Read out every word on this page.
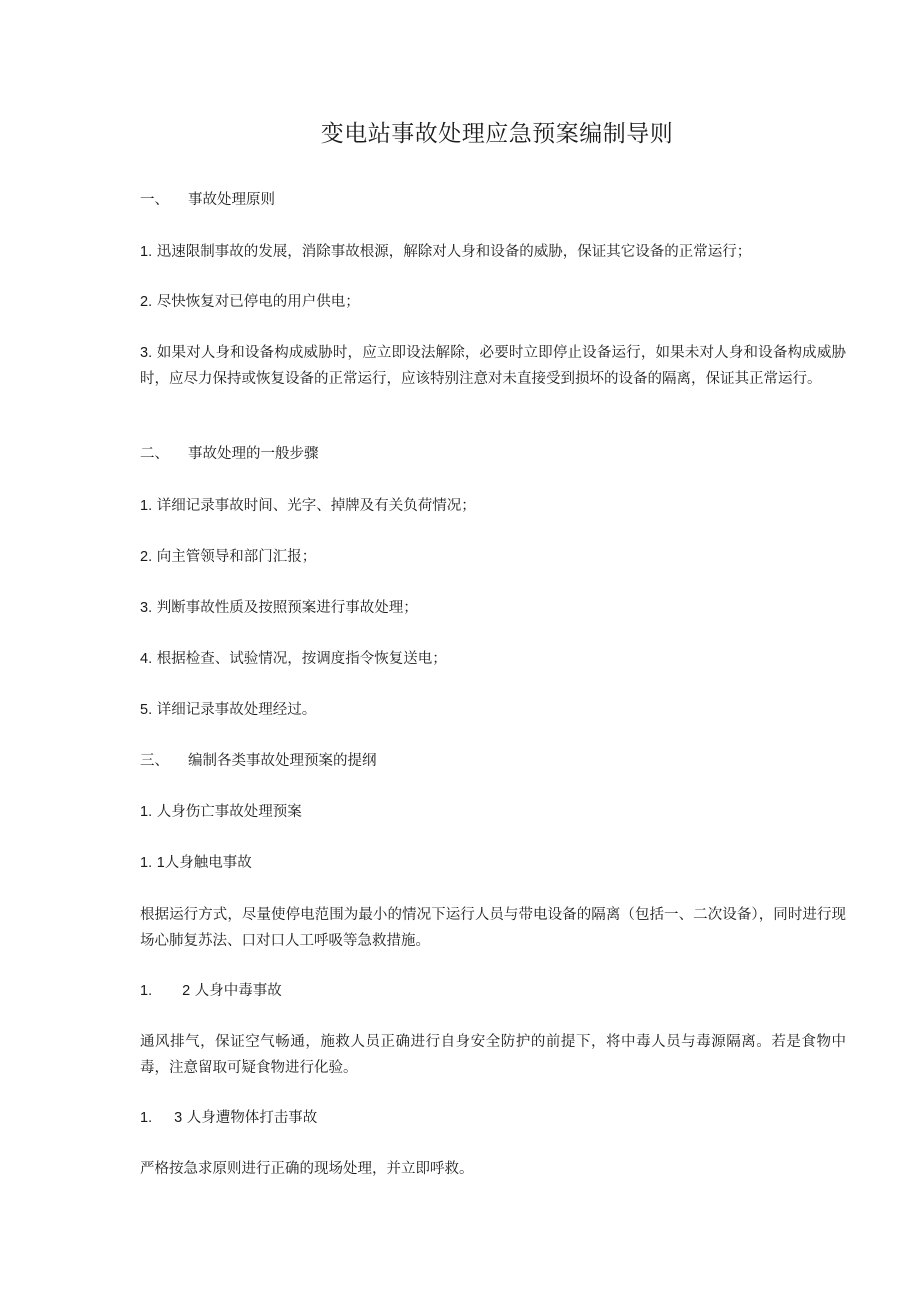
变电站事故处理应急预案编制导则

一、 事故处理原则

1. 迅速限制事故的发展，消除事故根源，解除对人身和设备的威胁，保证其它设备的正常运行；

2. 尽快恢复对已停电的用户供电；

3. 如果对人身和设备构成威胁时，应立即设法解除，必要时立即停止设备运行，如果未对人身和设备构成威胁时，应尽力保持或恢复设备的正常运行，应该特别注意对未直接受到损坏的设备的隔离，保证其正常运行。

二、 事故处理的一般步骤

1. 详细记录事故时间、光字、掉牌及有关负荷情况；

2. 向主管领导和部门汇报；

3. 判断事故性质及按照预案进行事故处理；

4. 根据检查、试验情况，按调度指令恢复送电；

5. 详细记录事故处理经过。

三、 编制各类事故处理预案的提纲

1. 人身伤亡事故处理预案

1. 1人身触电事故

根据运行方式，尽量使停电范围为最小的情况下运行人员与带电设备的隔离（包括一、二次设备），同时进行现场心肺复苏法、口对口人工呼吸等急救措施。

1. 2 人身中毒事故

通风排气，保证空气畅通，施救人员正确进行自身安全防护的前提下，将中毒人员与毒源隔离。若是食物中毒，注意留取可疑食物进行化验。

1. 3 人身遭物体打击事故

严格按急求原则进行正确的现场处理，并立即呼救。
